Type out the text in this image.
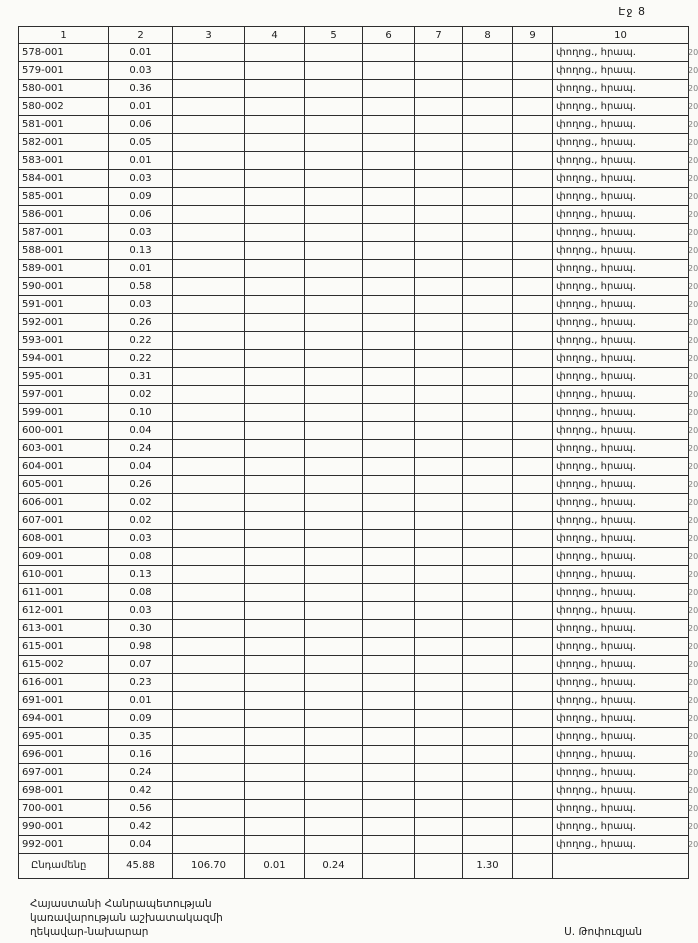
Էջ 8
1	2	3	4	5	6	7	8	9	10
578-001	0.01								փողոց., հրապ.
579-001	0.03								փողոց., հրապ.
580-001	0.36								փողոց., հրապ.
580-002	0.01								փողոց., հրապ.
581-001	0.06								փողոց., հրապ.
582-001	0.05								փողոց., հրապ.
583-001	0.01								փողոց., հրապ.
584-001	0.03								փողոց., հրապ.
585-001	0.09								փողոց., հրապ.
586-001	0.06								փողոց., հրապ.
587-001	0.03								փողոց., հրապ.
588-001	0.13								փողոց., հրապ.
589-001	0.01								փողոց., հրապ.
590-001	0.58								փողոց., հրապ.
591-001	0.03								փողոց., հրապ.
592-001	0.26								փողոց., հրապ.
593-001	0.22								փողոց., հրապ.
594-001	0.22								փողոց., հրապ.
595-001	0.31								փողոց., հրապ.
597-001	0.02								փողոց., հրապ.
599-001	0.10								փողոց., հրապ.
600-001	0.04								փողոց., հրապ.
603-001	0.24								փողոց., հրապ.
604-001	0.04								փողոց., հրապ.
605-001	0.26								փողոց., հրապ.
606-001	0.02								փողոց., հրապ.
607-001	0.02								փողոց., հրապ.
608-001	0.03								փողոց., հրապ.
609-001	0.08								փողոց., հրապ.
610-001	0.13								փողոց., հրապ.
611-001	0.08								փողոց., հրապ.
612-001	0.03								փողոց., հրապ.
613-001	0.30								փողոց., հրապ.
615-001	0.98								փողոց., հրապ.
615-002	0.07								փողոց., հրապ.
616-001	0.23								փողոց., հրապ.
691-001	0.01								փողոց., հրապ.
694-001	0.09								փողոց., հրապ.
695-001	0.35								փողոց., հրապ.
696-001	0.16								փողոց., հրապ.
697-001	0.24								փողոց., հրապ.
698-001	0.42								փողոց., հրապ.
700-001	0.56								փողոց., հրապ.
990-001	0.42								փողոց., հրապ.
992-001	0.04								փողոց., հրապ.
Ընդամենը	45.88	106.70	0.01	0.24			1.30		
20
20
20
20
20
20
20
20
20
20
20
20
20
20
20
20
20
20
20
20
20
20
20
20
20
20
20
20
20
20
20
20
20
20
20
20
20
20
20
20
20
20
20
20
20
Հայաստանի Հանրապետության
կառավարության աշխատակազմի
ղեկավար-նախարար	Ս. Թոփուզյան
